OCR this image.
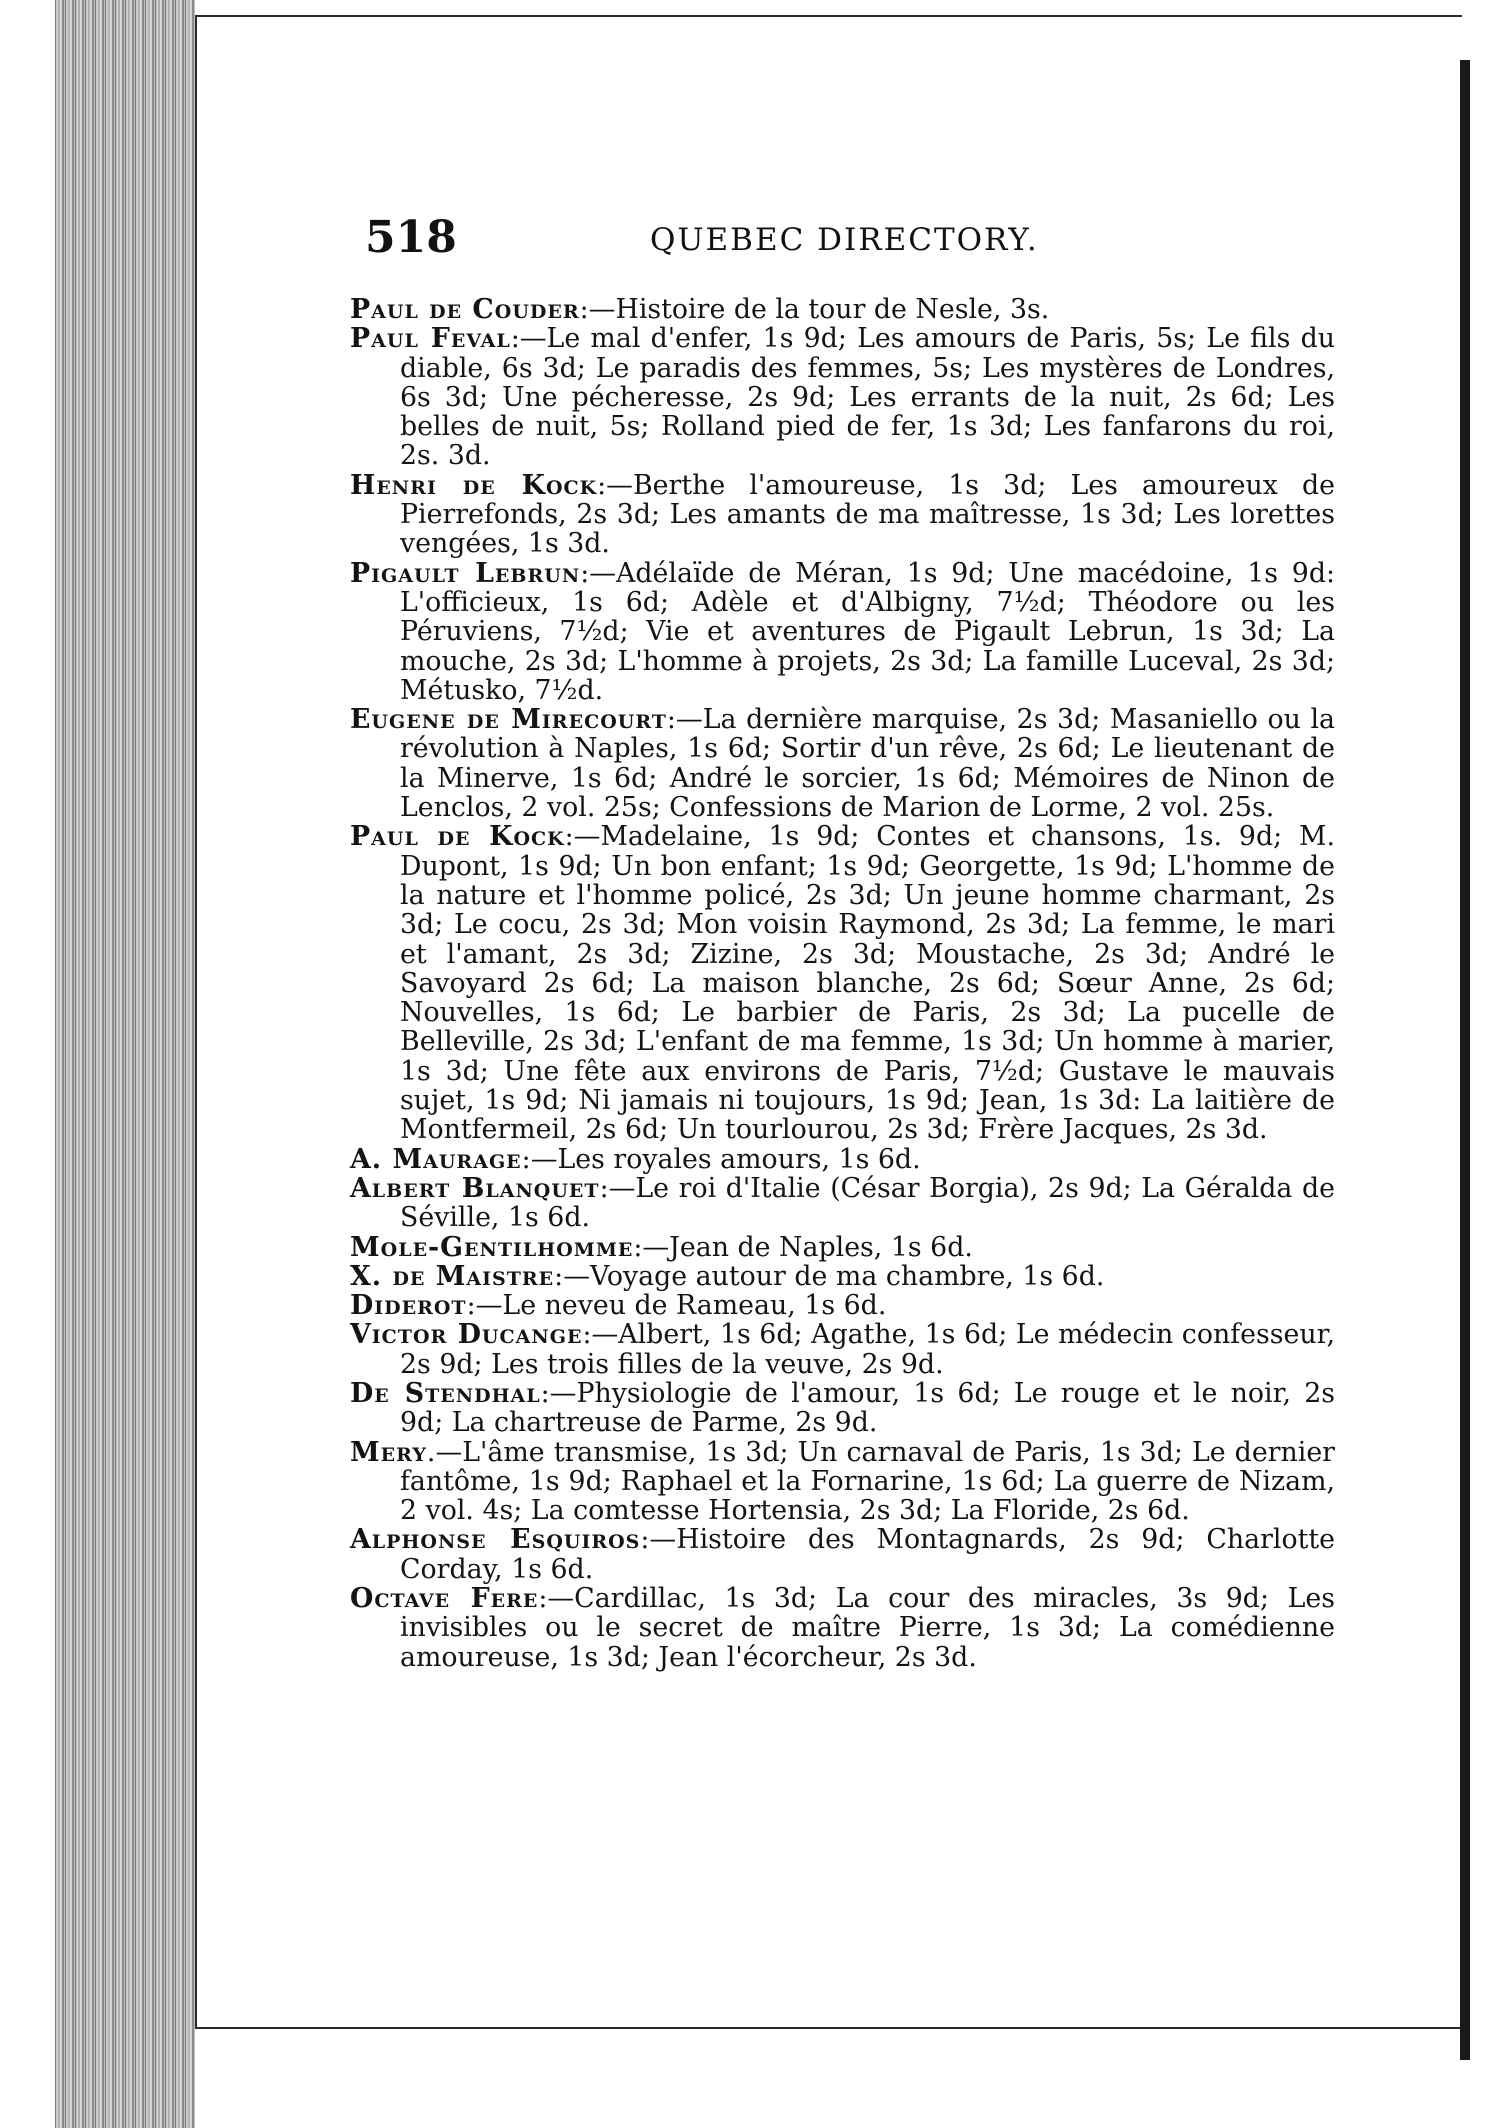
518	QUEBEC DIRECTORY.

Paul de Couder:—Histoire de la tour de Nesle, 3s.

Paul Feval:—Le mal d'enfer, 1s 9d; Les amours de Paris, 5s; Le fils du diable, 6s 3d; Le paradis des femmes, 5s; Les mystères de Londres, 6s 3d; Une pécheresse, 2s 9d; Les errants de la nuit, 2s 6d; Les belles de nuit, 5s; Rolland pied de fer, 1s 3d; Les fanfarons du roi, 2s. 3d.

Henri de Kock:—Berthe l'amoureuse, 1s 3d; Les amoureux de Pierrefonds, 2s 3d; Les amants de ma maîtresse, 1s 3d; Les lorettes vengées, 1s 3d.

Pigault Lebrun:—Adélaïde de Méran, 1s 9d; Une macédoine, 1s 9d: L'officieux, 1s 6d; Adèle et d'Albigny, 7½d; Théodore ou les Péruviens, 7½d; Vie et aventures de Pigault Lebrun, 1s 3d; La mouche, 2s 3d; L'homme à projets, 2s 3d; La famille Luceval, 2s 3d; Métusko, 7½d.

Eugene de Mirecourt:—La dernière marquise, 2s 3d; Masaniello ou la révolution à Naples, 1s 6d; Sortir d'un rêve, 2s 6d; Le lieutenant de la Minerve, 1s 6d; André le sorcier, 1s 6d; Mémoires de Ninon de Lenclos, 2 vol. 25s; Confessions de Marion de Lorme, 2 vol. 25s.

Paul de Kock:—Madelaine, 1s 9d; Contes et chansons, 1s. 9d; M. Dupont, 1s 9d; Un bon enfant; 1s 9d; Georgette, 1s 9d; L'homme de la nature et l'homme policé, 2s 3d; Un jeune homme charmant, 2s 3d; Le cocu, 2s 3d; Mon voisin Raymond, 2s 3d; La femme, le mari et l'amant, 2s 3d; Zizine, 2s 3d; Moustache, 2s 3d; André le Savoyard 2s 6d; La maison blanche, 2s 6d; Sœur Anne, 2s 6d; Nouvelles, 1s 6d; Le barbier de Paris, 2s 3d; La pucelle de Belleville, 2s 3d; L'enfant de ma femme, 1s 3d; Un homme à marier, 1s 3d; Une fête aux environs de Paris, 7½d; Gustave le mauvais sujet, 1s 9d; Ni jamais ni toujours, 1s 9d; Jean, 1s 3d: La laitière de Montfermeil, 2s 6d; Un tourlourou, 2s 3d; Frère Jacques, 2s 3d.

A. Maurage:—Les royales amours, 1s 6d.

Albert Blanquet:—Le roi d'Italie (César Borgia), 2s 9d; La Géralda de Séville, 1s 6d.

Mole-Gentilhomme:—Jean de Naples, 1s 6d.

X. de Maistre:—Voyage autour de ma chambre, 1s 6d.

Diderot:—Le neveu de Rameau, 1s 6d.

Victor Ducange:—Albert, 1s 6d; Agathe, 1s 6d; Le médecin confesseur, 2s 9d; Les trois filles de la veuve, 2s 9d.

De Stendhal:—Physiologie de l'amour, 1s 6d; Le rouge et le noir, 2s 9d; La chartreuse de Parme, 2s 9d.

Mery.—L'âme transmise, 1s 3d; Un carnaval de Paris, 1s 3d; Le dernier fantôme, 1s 9d; Raphael et la Fornarine, 1s 6d; La guerre de Nizam, 2 vol. 4s; La comtesse Hortensia, 2s 3d; La Floride, 2s 6d.

Alphonse Esquiros:—Histoire des Montagnards, 2s 9d; Charlotte Corday, 1s 6d.

Octave Fere:—Cardillac, 1s 3d; La cour des miracles, 3s 9d; Les invisibles ou le secret de maître Pierre, 1s 3d; La comédienne amoureuse, 1s 3d; Jean l'écorcheur, 2s 3d.
